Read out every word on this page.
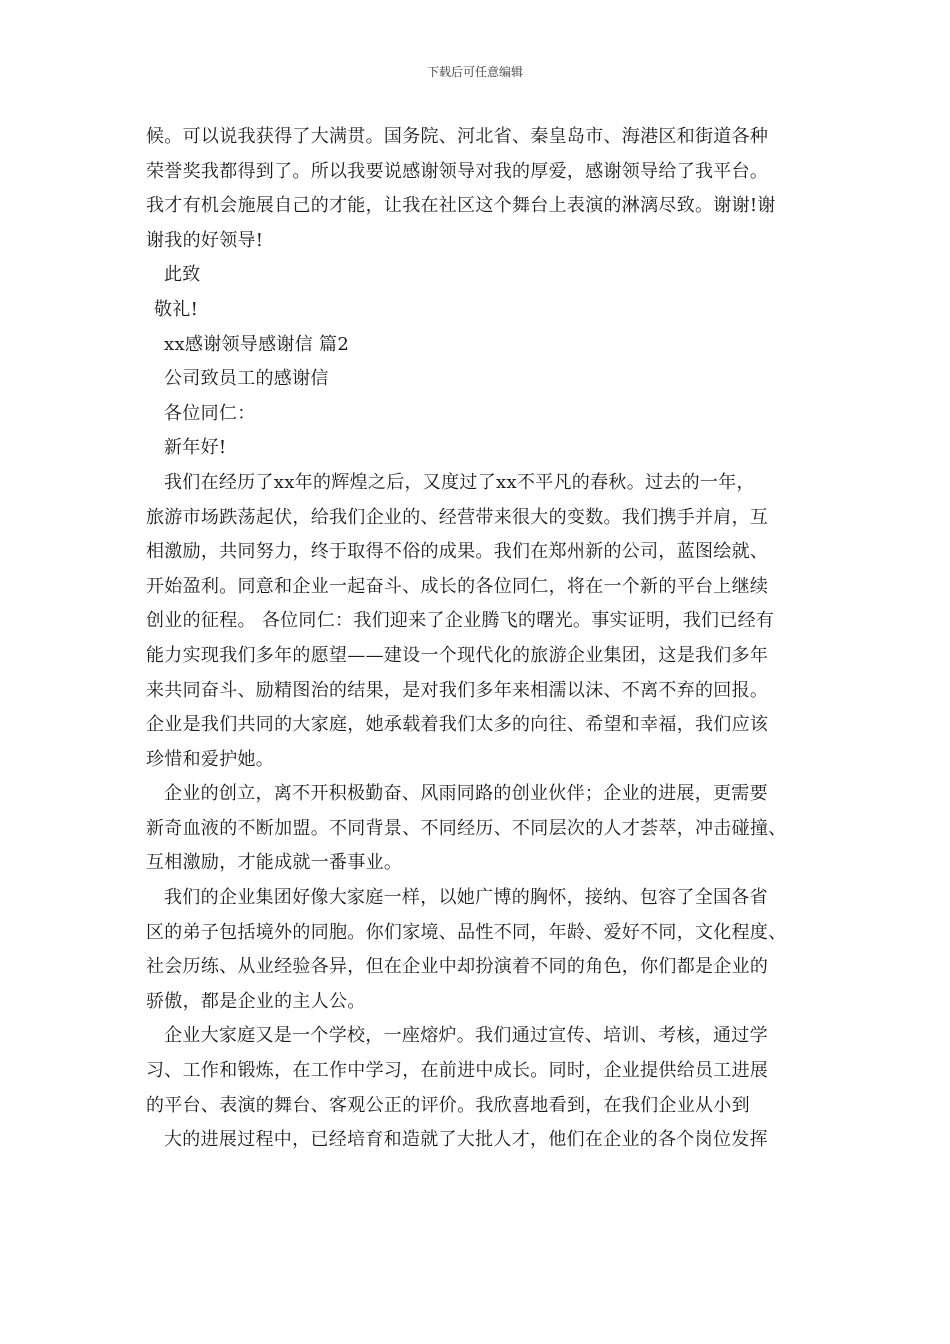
下载后可任意编辑
候。可以说我获得了大满贯。国务院、河北省、秦皇岛市、海港区和街道各种
荣誉奖我都得到了。所以我要说感谢领导对我的厚爱，感谢领导给了我平台。
我才有机会施展自己的才能，让我在社区这个舞台上表演的淋漓尽致。谢谢!谢
谢我的好领导!
此致
敬礼!
xx感谢领导感谢信 篇2
公司致员工的感谢信
各位同仁：
新年好!
我们在经历了xx年的辉煌之后，又度过了xx不平凡的春秋。过去的一年，
旅游市场跌荡起伏，给我们企业的、经营带来很大的变数。我们携手并肩，互
相激励，共同努力，终于取得不俗的成果。我们在郑州新的公司，蓝图绘就、
开始盈利。同意和企业一起奋斗、成长的各位同仁，将在一个新的平台上继续
创业的征程。 各位同仁：我们迎来了企业腾飞的曙光。事实证明，我们已经有
能力实现我们多年的愿望——建设一个现代化的旅游企业集团，这是我们多年
来共同奋斗、励精图治的结果，是对我们多年来相濡以沫、不离不弃的回报。
企业是我们共同的大家庭，她承载着我们太多的向往、希望和幸福，我们应该
珍惜和爱护她。
企业的创立，离不开积极勤奋、风雨同路的创业伙伴；企业的进展，更需要
新奇血液的不断加盟。不同背景、不同经历、不同层次的人才荟萃，冲击碰撞、
互相激励，才能成就一番事业。
我们的企业集团好像大家庭一样，以她广博的胸怀，接纳、包容了全国各省
区的弟子包括境外的同胞。你们家境、品性不同，年龄、爱好不同，文化程度、
社会历练、从业经验各异，但在企业中却扮演着不同的角色，你们都是企业的
骄傲，都是企业的主人公。
企业大家庭又是一个学校，一座熔炉。我们通过宣传、培训、考核，通过学
习、工作和锻炼，在工作中学习，在前进中成长。同时，企业提供给员工进展
的平台、表演的舞台、客观公正的评价。我欣喜地看到，在我们企业从小到
大的进展过程中，已经培育和造就了大批人才，他们在企业的各个岗位发挥
